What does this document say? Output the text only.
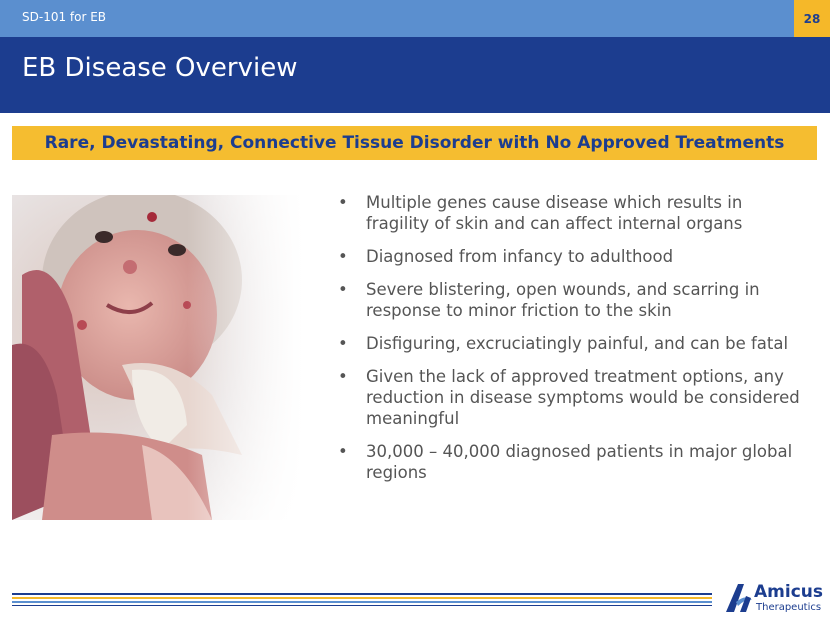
SD-101 for EB	28
EB Disease Overview
Rare, Devastating, Connective Tissue Disorder with No Approved Treatments
• Multiple genes cause disease which results in fragility of skin and can affect internal organs
• Diagnosed from infancy to adulthood
• Severe blistering, open wounds, and scarring in response to minor friction to the skin
• Disfiguring, excruciatingly painful, and can be fatal
• Given the lack of approved treatment options, any reduction in disease symptoms would be considered meaningful
• 30,000 – 40,000 diagnosed patients in major global regions
Amicus
Therapeutics
